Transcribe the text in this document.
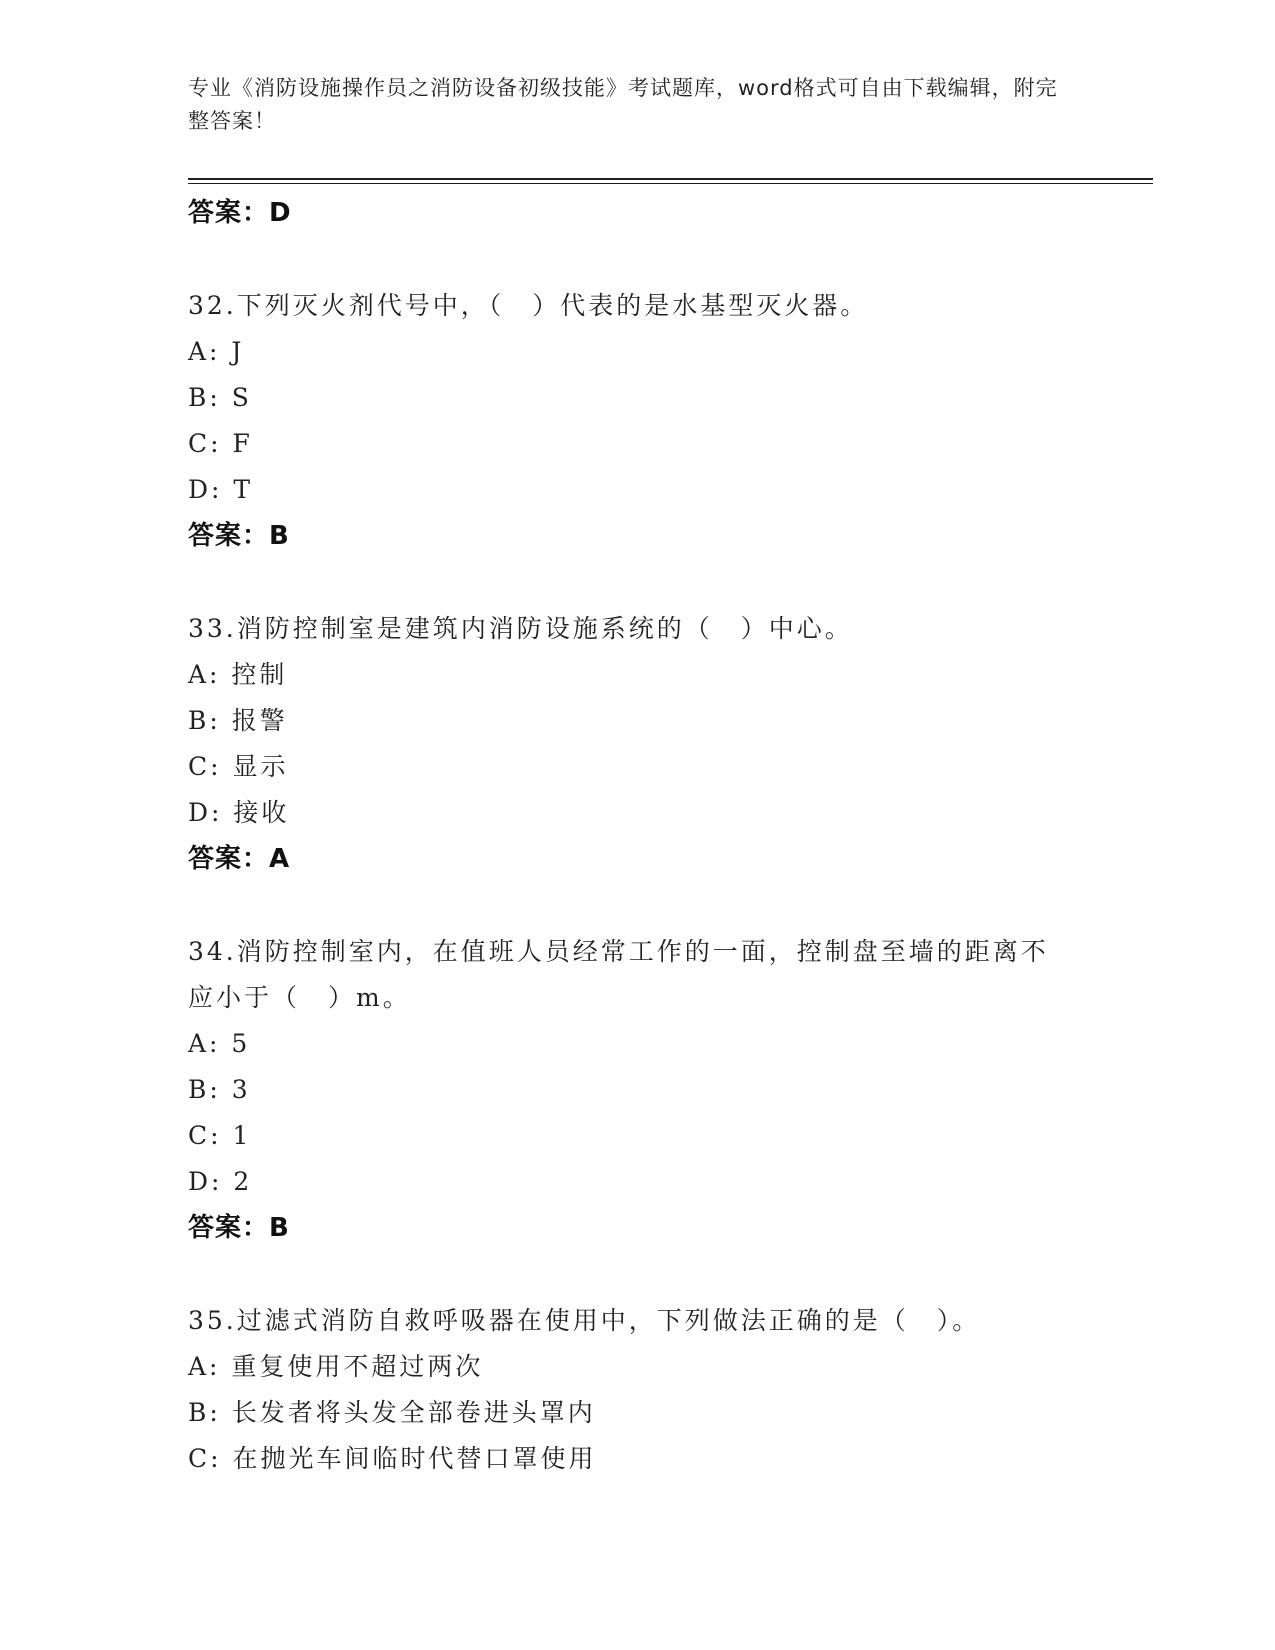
专业《消防设施操作员之消防设备初级技能》考试题库，word格式可自由下载编辑，附完整答案！
答案：D
32.下列灭火剂代号中，（　）代表的是水基型灭火器。
A: J
B: S
C: F
D: T
答案：B
33.消防控制室是建筑内消防设施系统的（　）中心。
A: 控制
B: 报警
C: 显示
D: 接收
答案：A
34.消防控制室内，在值班人员经常工作的一面，控制盘至墙的距离不
应小于（　）m。
A: 5
B: 3
C: 1
D: 2
答案：B
35.过滤式消防自救呼吸器在使用中，下列做法正确的是（　）。
A: 重复使用不超过两次
B: 长发者将头发全部卷进头罩内
C: 在抛光车间临时代替口罩使用
